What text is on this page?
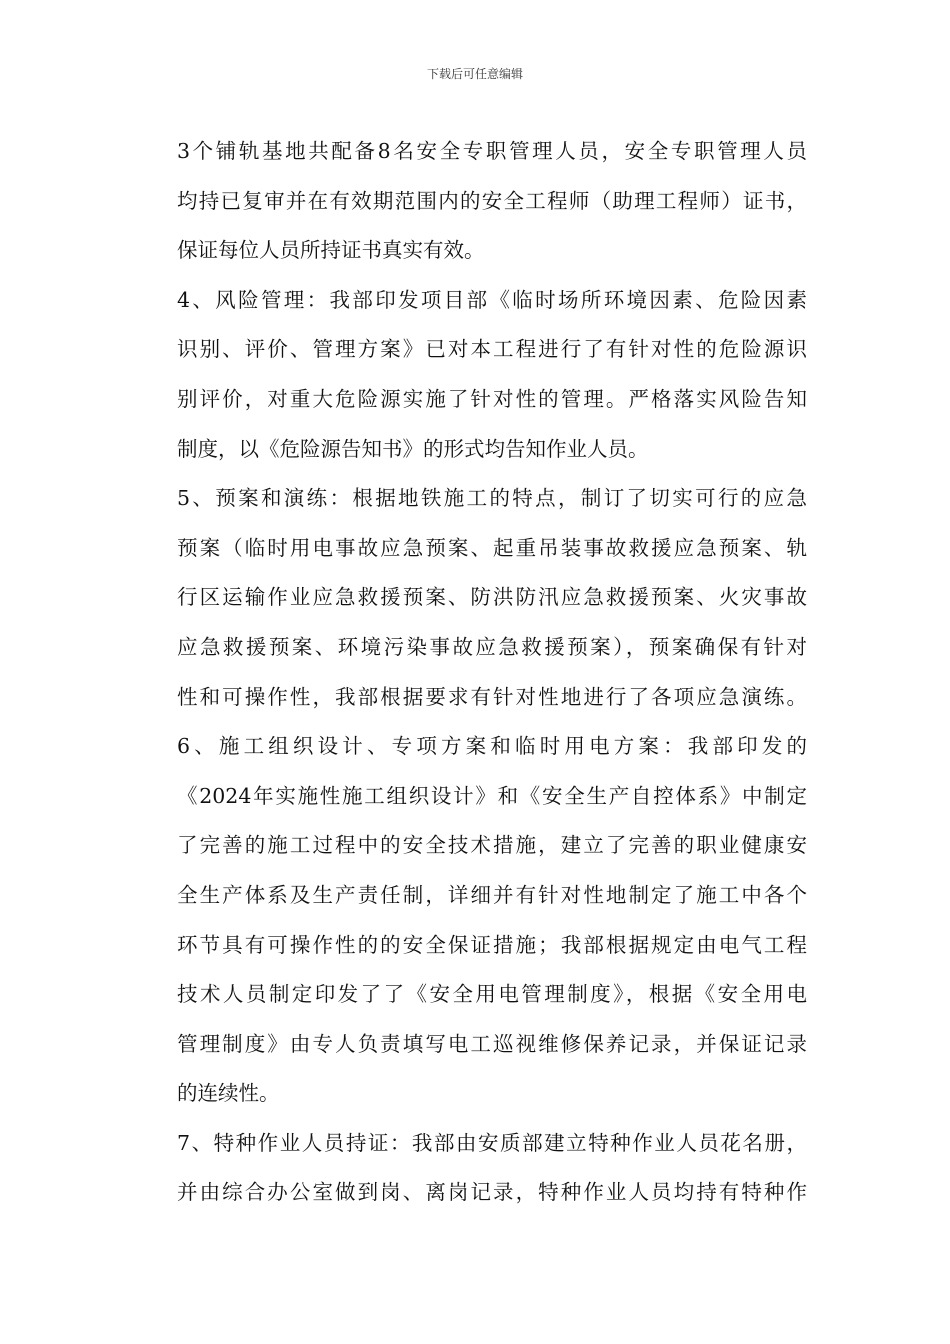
下载后可任意编辑
3个铺轨基地共配备8名安全专职管理人员，安全专职管理人员
均持已复审并在有效期范围内的安全工程师（助理工程师）证书，
保证每位人员所持证书真实有效。
4、风险管理：我部印发项目部《临时场所环境因素、危险因素
识别、评价、管理方案》已对本工程进行了有针对性的危险源识
别评价，对重大危险源实施了针对性的管理。严格落实风险告知
制度，以《危险源告知书》的形式均告知作业人员。
5、预案和演练：根据地铁施工的特点，制订了切实可行的应急
预案（临时用电事故应急预案、起重吊装事故救援应急预案、轨
行区运输作业应急救援预案、防洪防汛应急救援预案、火灾事故
应急救援预案、环境污染事故应急救援预案），预案确保有针对
性和可操作性，我部根据要求有针对性地进行了各项应急演练。
6、施工组织设计、专项方案和临时用电方案：我部印发的
《2024年实施性施工组织设计》和《安全生产自控体系》中制定
了完善的施工过程中的安全技术措施，建立了完善的职业健康安
全生产体系及生产责任制，详细并有针对性地制定了施工中各个
环节具有可操作性的的安全保证措施；我部根据规定由电气工程
技术人员制定印发了了《安全用电管理制度》，根据《安全用电
管理制度》由专人负责填写电工巡视维修保养记录，并保证记录
的连续性。
7、特种作业人员持证：我部由安质部建立特种作业人员花名册，
并由综合办公室做到岗、离岗记录，特种作业人员均持有特种作
